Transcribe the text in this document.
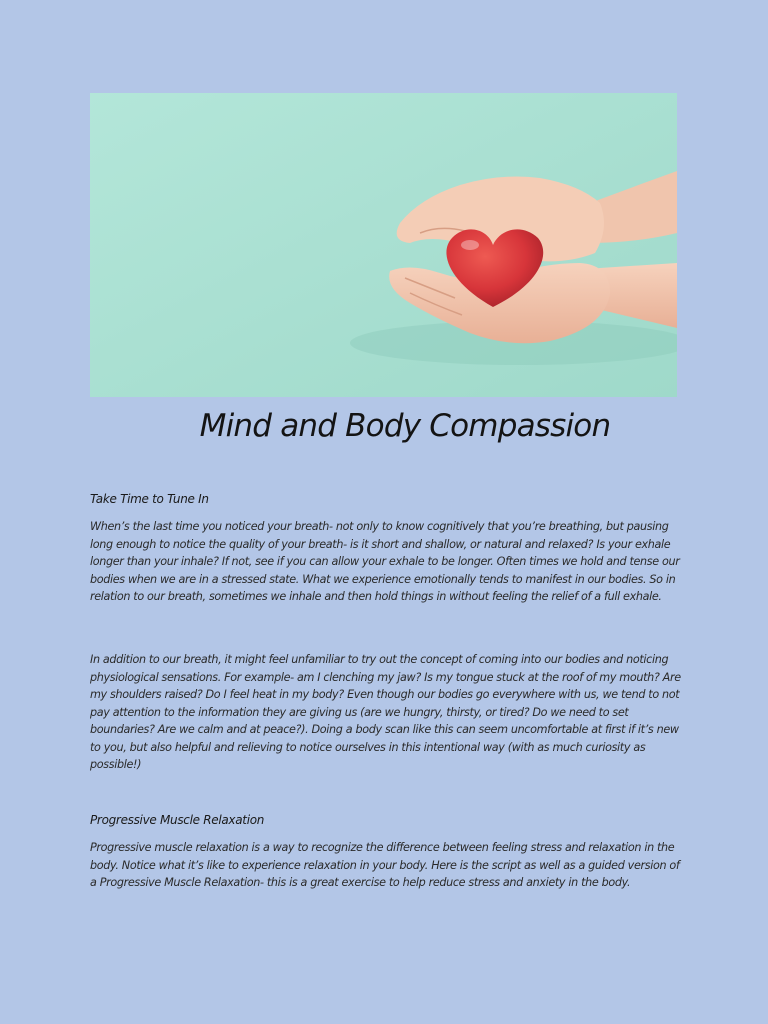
Mind and Body Compassion
Take Time to Tune In

When’s the last time you noticed your breath- not only to know cognitively that you’re breathing, but pausing long enough to notice the quality of your breath- is it short and shallow, or natural and relaxed? Is your exhale longer than your inhale? If not, see if you can allow your exhale to be longer. Often times we hold and tense our bodies when we are in a stressed state. What we experience emotionally tends to manifest in our bodies. So in relation to our breath, sometimes we inhale and then hold things in without feeling the relief of a full exhale.

In addition to our breath, it might feel unfamiliar to try out the concept of coming into our bodies and noticing physiological sensations. For example- am I clenching my jaw? Is my tongue stuck at the roof of my mouth? Are my shoulders raised? Do I feel heat in my body? Even though our bodies go everywhere with us, we tend to not pay attention to the information they are giving us (are we hungry, thirsty, or tired? Do we need to set boundaries? Are we calm and at peace?). Doing a body scan like this can seem uncomfortable at first if it’s new to you, but also helpful and relieving to notice ourselves in this intentional way (with as much curiosity as possible!)

Progressive Muscle Relaxation

Progressive muscle relaxation is a way to recognize the difference between feeling stress and relaxation in the body. Notice what it’s like to experience relaxation in your body. Here is the script as well as a guided version of a Progressive Muscle Relaxation- this is a great exercise to help reduce stress and anxiety in the body.
